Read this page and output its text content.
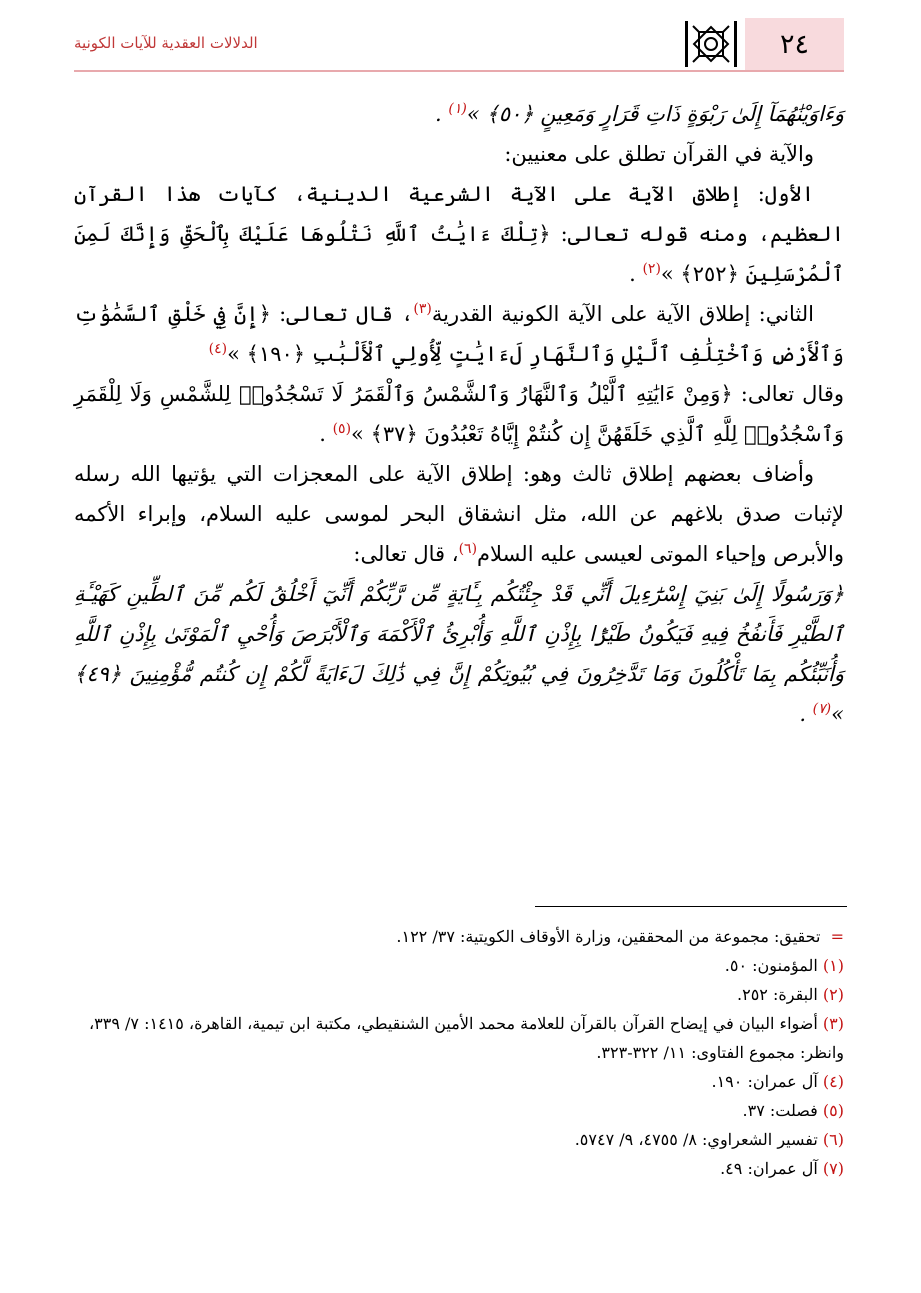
٢٤
الدلالات العقدية للآيات الكونية

وَءَاوَيْنَٰهُمَآ إِلَىٰ رَبْوَةٍ ذَاتِ قَرَارٍ وَمَعِينٍ ﴿٥٠﴾ »$^{(١)}$ .

والآية في القرآن تطلق على معنيين:

الأول: إطلاق الآية على الآية الشرعية الدينية، كآيات هذا القرآن العظيم، ومنه قوله تعالى: ﴿تِلْكَ ءَايَٰتُ ٱللَّهِ نَتْلُوهَا عَلَيْكَ بِٱلْحَقِّ وَإِنَّكَ لَمِنَ ٱلْمُرْسَلِينَ ﴿٢٥٢﴾ »$^{(٢)}$ .

الثاني: إطلاق الآية على الآية الكونية القدرية$^{(٣)}$، قال تعالى: ﴿إِنَّ فِي خَلْقِ ٱلسَّمَٰوَٰتِ وَٱلْأَرْضِ وَٱخْتِلَٰفِ ٱلَّيْلِ وَٱلنَّهَارِ لَءَايَٰتٍ لِّأُولِي ٱلْأَلْبَٰبِ ﴿١٩٠﴾ »$^{(٤)}$

وقال تعالى: ﴿وَمِنْ ءَايَٰتِهِ ٱلَّيْلُ وَٱلنَّهَارُ وَٱلشَّمْسُ وَٱلْقَمَرُ لَا تَسْجُدُوا۟ لِلشَّمْسِ وَلَا لِلْقَمَرِ وَٱسْجُدُوا۟ لِلَّهِ ٱلَّذِي خَلَقَهُنَّ إِن كُنتُمْ إِيَّاهُ تَعْبُدُونَ ﴿٣٧﴾ »$^{(٥)}$ .

وأضاف بعضهم إطلاق ثالث وهو: إطلاق الآية على المعجزات التي يؤتيها الله رسله لإثبات صدق بلاغهم عن الله، مثل انشقاق البحر لموسى عليه السلام، وإبراء الأكمه والأبرص وإحياء الموتى لعيسى عليه السلام$^{(٦)}$، قال تعالى:

﴿وَرَسُولًا إِلَىٰ بَنِيٓ إِسْرَٰٓءِيلَ أَنِّي قَدْ جِئْتُكُم بِـَٔايَةٍ مِّن رَّبِّكُمْ أَنِّيٓ أَخْلُقُ لَكُم مِّنَ ٱلطِّينِ كَهَيْـَٔةِ ٱلطَّيْرِ فَأَنفُخُ فِيهِ فَيَكُونُ طَيْرًۢا بِإِذْنِ ٱللَّهِ وَأُبْرِئُ ٱلْأَكْمَهَ وَٱلْأَبْرَصَ وَأُحْيِ ٱلْمَوْتَىٰ بِإِذْنِ ٱللَّهِ وَأُنَبِّئُكُم بِمَا تَأْكُلُونَ وَمَا تَدَّخِرُونَ فِي بُيُوتِكُمْ إِنَّ فِي ذَٰلِكَ لَءَايَةً لَّكُمْ إِن كُنتُم مُّؤْمِنِينَ ﴿٤٩﴾ »$^{(٧)}$ .

=  تحقيق: مجموعة من المحققين، وزارة الأوقاف الكويتية: ٣٧/ ١٢٢.

(١) المؤمنون: ٥٠.

(٢) البقرة: ٢٥٢.

(٣) أضواء البيان في إيضاح القرآن بالقرآن للعلامة محمد الأمين الشنقيطي، مكتبة ابن تيمية، القاهرة، ١٤١٥: ٧/ ٣٣٩، وانظر: مجموع الفتاوى: ١١/ ٣٢٢-٣٢٣.

(٤) آل عمران: ١٩٠.

(٥) فصلت: ٣٧.

(٦) تفسير الشعراوي: ٨/ ٤٧٥٥، ٩/ ٥٧٤٧.

(٧) آل عمران: ٤٩.
